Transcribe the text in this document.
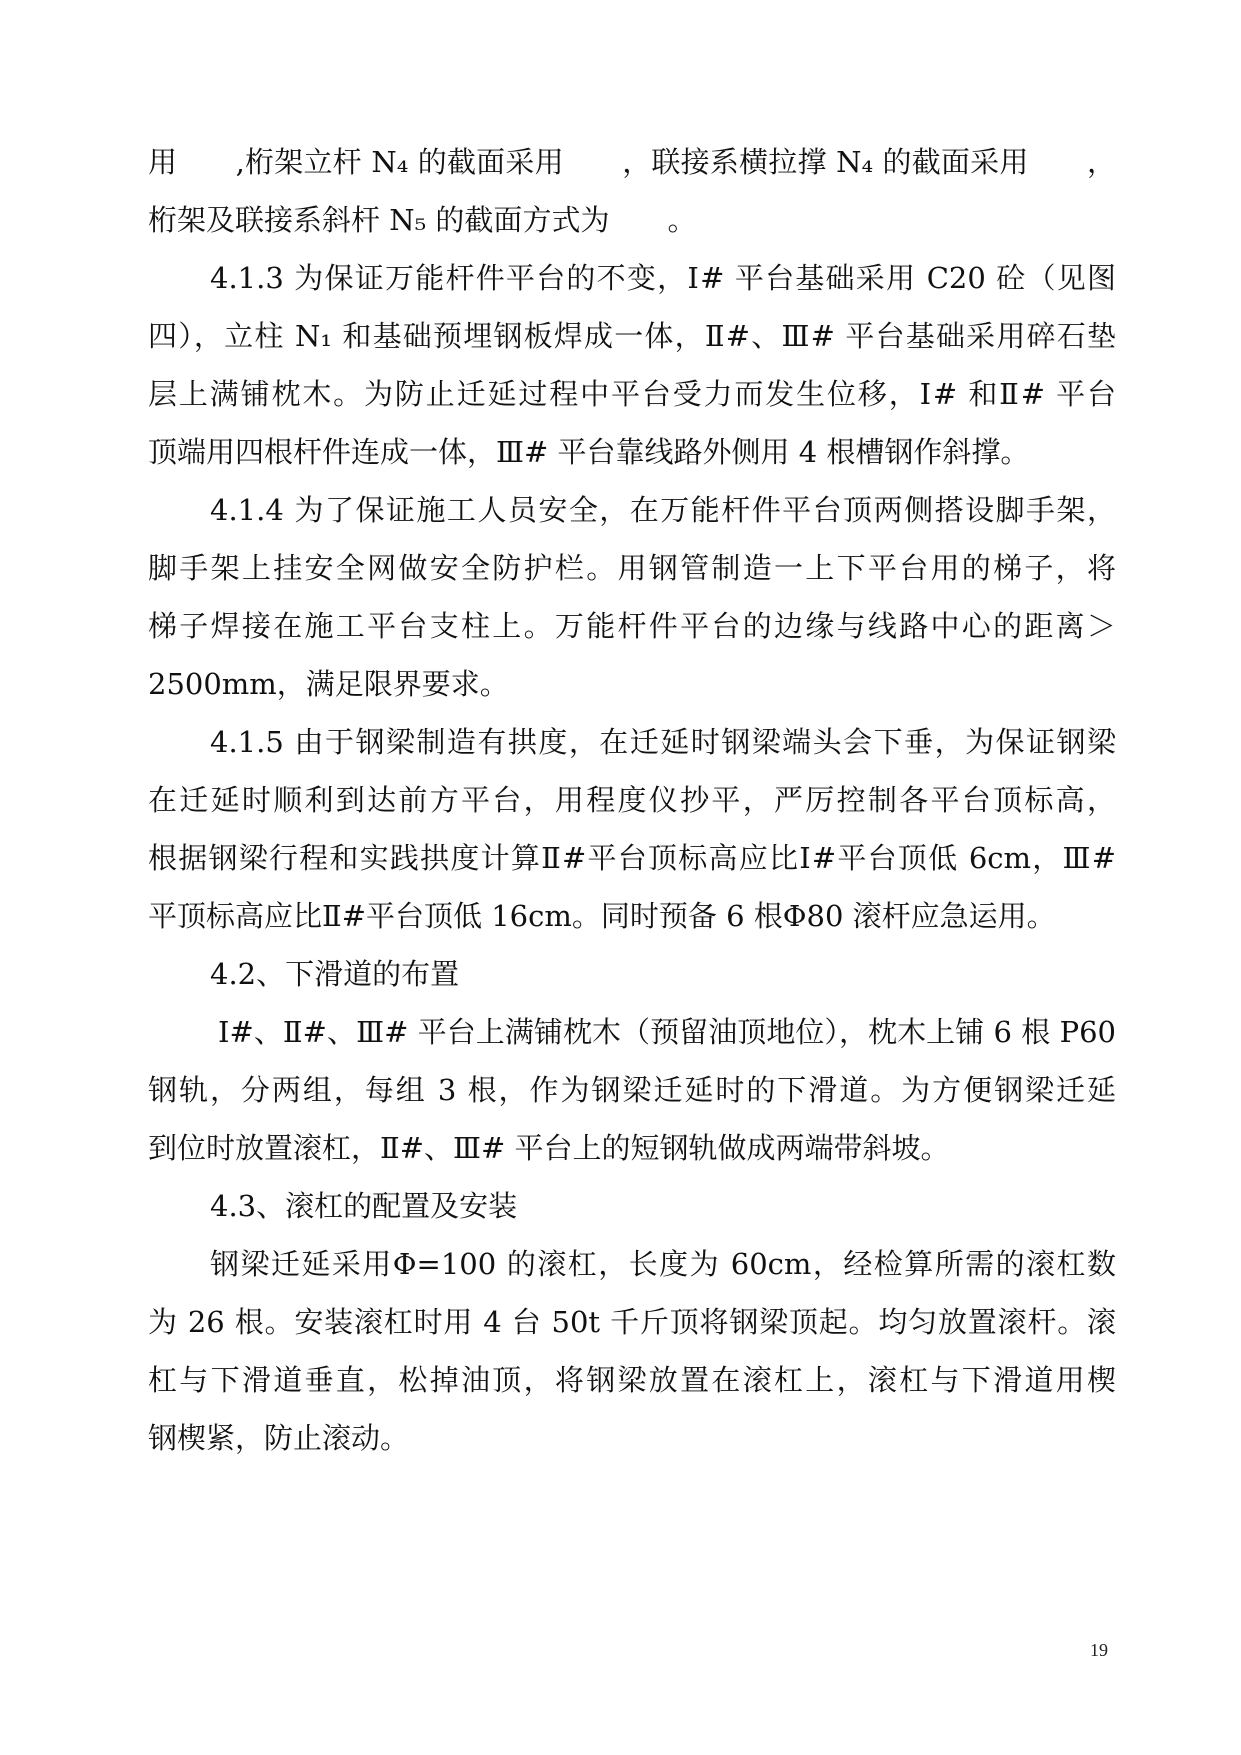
用　　,桁架立杆 N₄ 的截面采用　　，联接系横拉撑 N₄ 的截面采用　　，
桁架及联接系斜杆 N₅ 的截面方式为　　。
4.1.3 为保证万能杆件平台的不变，Ⅰ# 平台基础采用 C20 砼（见图
四），立柱 N₁ 和基础预埋钢板焊成一体，Ⅱ#、Ⅲ# 平台基础采用碎石垫
层上满铺枕木。为防止迁延过程中平台受力而发生位移，Ⅰ# 和Ⅱ# 平台
顶端用四根杆件连成一体，Ⅲ# 平台靠线路外侧用 4 根槽钢作斜撑。
4.1.4 为了保证施工人员安全，在万能杆件平台顶两侧搭设脚手架，
脚手架上挂安全网做安全防护栏。用钢管制造一上下平台用的梯子，将
梯子焊接在施工平台支柱上。万能杆件平台的边缘与线路中心的距离＞
2500mm，满足限界要求。
4.1.5 由于钢梁制造有拱度，在迁延时钢梁端头会下垂，为保证钢梁
在迁延时顺利到达前方平台，用程度仪抄平，严厉控制各平台顶标高，
根据钢梁行程和实践拱度计算Ⅱ#平台顶标高应比Ⅰ#平台顶低 6cm，Ⅲ#
平顶标高应比Ⅱ#平台顶低 16cm。同时预备 6 根Φ80 滚杆应急运用。
4.2、下滑道的布置
Ⅰ#、Ⅱ#、Ⅲ# 平台上满铺枕木（预留油顶地位），枕木上铺 6 根 P60
钢轨，分两组，每组 3 根，作为钢梁迁延时的下滑道。为方便钢梁迁延
到位时放置滚杠，Ⅱ#、Ⅲ# 平台上的短钢轨做成两端带斜坡。
4.3、滚杠的配置及安装
钢梁迁延采用Φ=100 的滚杠，长度为 60cm，经检算所需的滚杠数
为 26 根。安装滚杠时用 4 台 50t 千斤顶将钢梁顶起。均匀放置滚杆。滚
杠与下滑道垂直，松掉油顶，将钢梁放置在滚杠上，滚杠与下滑道用楔
钢楔紧，防止滚动。
19
